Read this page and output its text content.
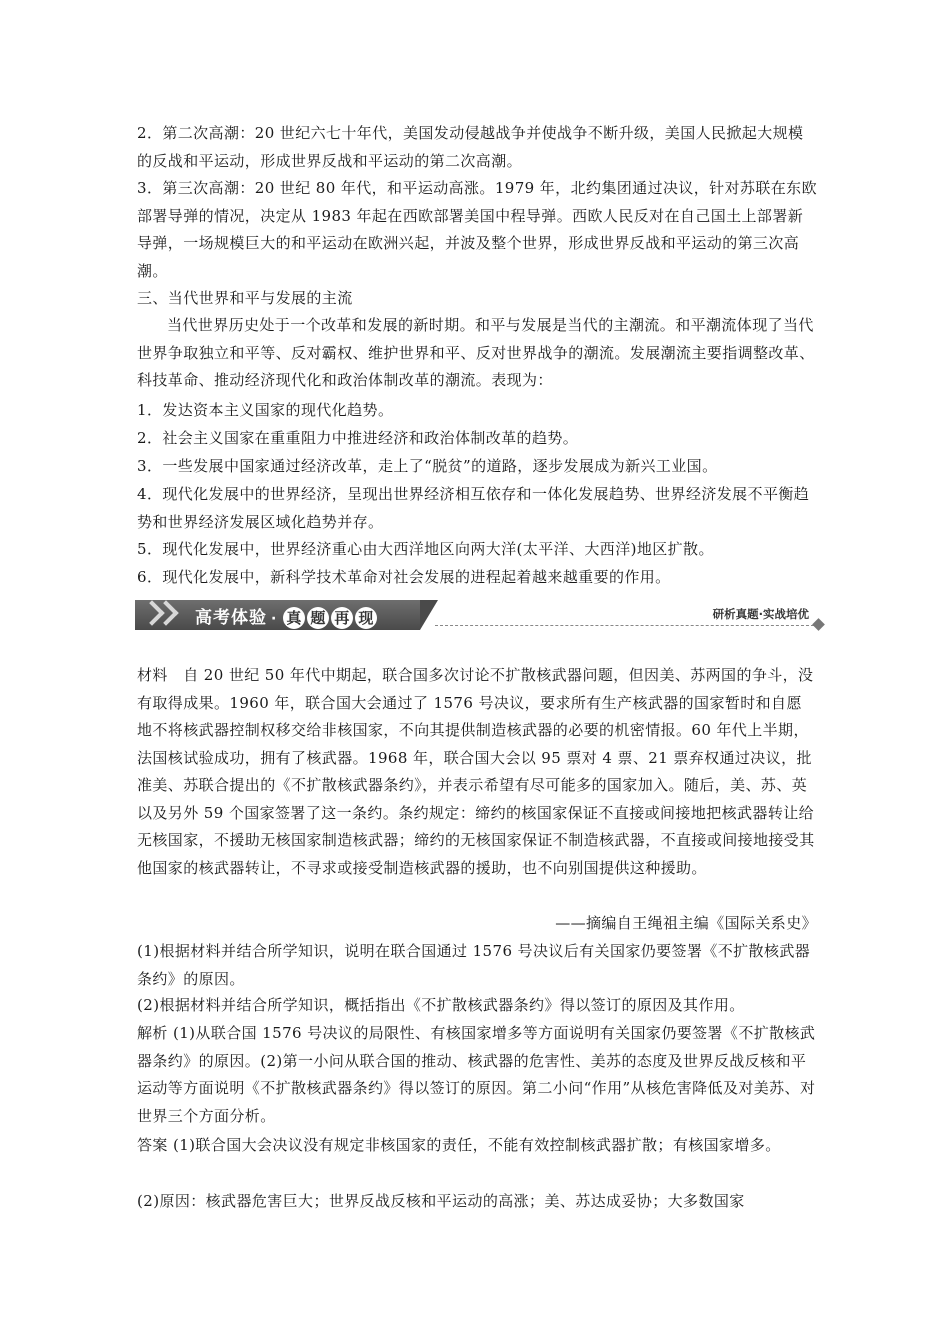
2．第二次高潮：20 世纪六七十年代，美国发动侵越战争并使战争不断升级，美国人民掀起大规模的反战和平运动，形成世界反战和平运动的第二次高潮。
3．第三次高潮：20 世纪 80 年代，和平运动高涨。1979 年，北约集团通过决议，针对苏联在东欧部署导弹的情况，决定从 1983 年起在西欧部署美国中程导弹。西欧人民反对在自己国土上部署新导弹，一场规模巨大的和平运动在欧洲兴起，并波及整个世界，形成世界反战和平运动的第三次高潮。
三、当代世界和平与发展的主流
当代世界历史处于一个改革和发展的新时期。和平与发展是当代的主潮流。和平潮流体现了当代世界争取独立和平等、反对霸权、维护世界和平、反对世界战争的潮流。发展潮流主要指调整改革、科技革命、推动经济现代化和政治体制改革的潮流。表现为：
1．发达资本主义国家的现代化趋势。
2．社会主义国家在重重阻力中推进经济和政治体制改革的趋势。
3．一些发展中国家通过经济改革，走上了“脱贫”的道路，逐步发展成为新兴工业国。
4．现代化发展中的世界经济，呈现出世界经济相互依存和一体化发展趋势、世界经济发展不平衡趋势和世界经济发展区域化趋势并存。
5．现代化发展中，世界经济重心由大西洋地区向两大洋(太平洋、大西洋)地区扩散。
6．现代化发展中，新科学技术革命对社会发展的进程起着越来越重要的作用。
高考体验 · 真 题 再 现	研析真题·实战培优
材料　自 20 世纪 50 年代中期起，联合国多次讨论不扩散核武器问题，但因美、苏两国的争斗，没有取得成果。1960 年，联合国大会通过了 1576 号决议，要求所有生产核武器的国家暂时和自愿地不将核武器控制权移交给非核国家，不向其提供制造核武器的必要的机密情报。60 年代上半期，法国核试验成功，拥有了核武器。1968 年，联合国大会以 95 票对 4 票、21 票弃权通过决议，批准美、苏联合提出的《不扩散核武器条约》，并表示希望有尽可能多的国家加入。随后，美、苏、英以及另外 59 个国家签署了这一条约。条约规定：缔约的核国家保证不直接或间接地把核武器转让给无核国家，不援助无核国家制造核武器；缔约的无核国家保证不制造核武器，不直接或间接地接受其他国家的核武器转让，不寻求或接受制造核武器的援助，也不向别国提供这种援助。
——摘编自王绳祖主编《国际关系史》
(1)根据材料并结合所学知识，说明在联合国通过 1576 号决议后有关国家仍要签署《不扩散核武器条约》的原因。
(2)根据材料并结合所学知识，概括指出《不扩散核武器条约》得以签订的原因及其作用。
解析 (1)从联合国 1576 号决议的局限性、有核国家增多等方面说明有关国家仍要签署《不扩散核武器条约》的原因。(2)第一小问从联合国的推动、核武器的危害性、美苏的态度及世界反战反核和平运动等方面说明《不扩散核武器条约》得以签订的原因。第二小问“作用”从核危害降低及对美苏、对世界三个方面分析。
答案 (1)联合国大会决议没有规定非核国家的责任，不能有效控制核武器扩散；有核国家增多。
(2)原因：核武器危害巨大；世界反战反核和平运动的高涨；美、苏达成妥协；大多数国家
